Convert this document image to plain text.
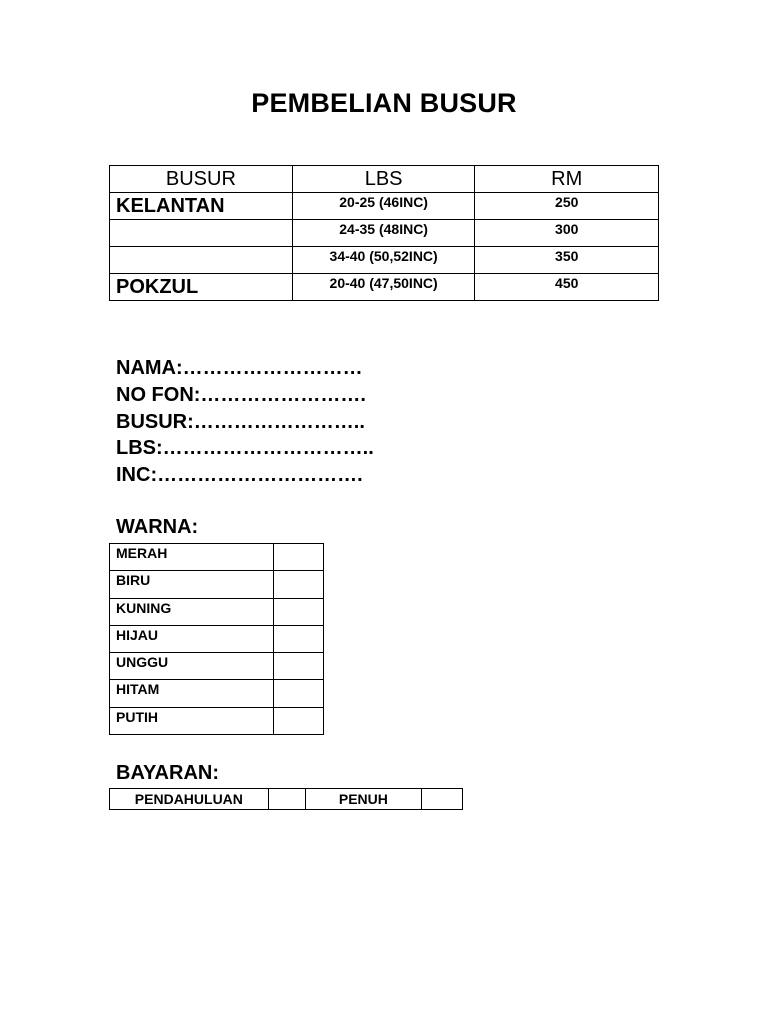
PEMBELIAN BUSUR
BUSUR	LBS	RM
KELANTAN	20-25 (46INC)	250
	24-35 (48INC)	300
	34-40 (50,52INC)	350
POKZUL	20-40 (47,50INC)	450
NAMA:………………………
NO FON:…………………….
BUSUR:……………………..
LBS:…………………………..
INC:………………………….
WARNA:
MERAH	
BIRU	
KUNING	
HIJAU	
UNGGU	
HITAM	
PUTIH	
BAYARAN:
PENDAHULUAN		PENUH	
